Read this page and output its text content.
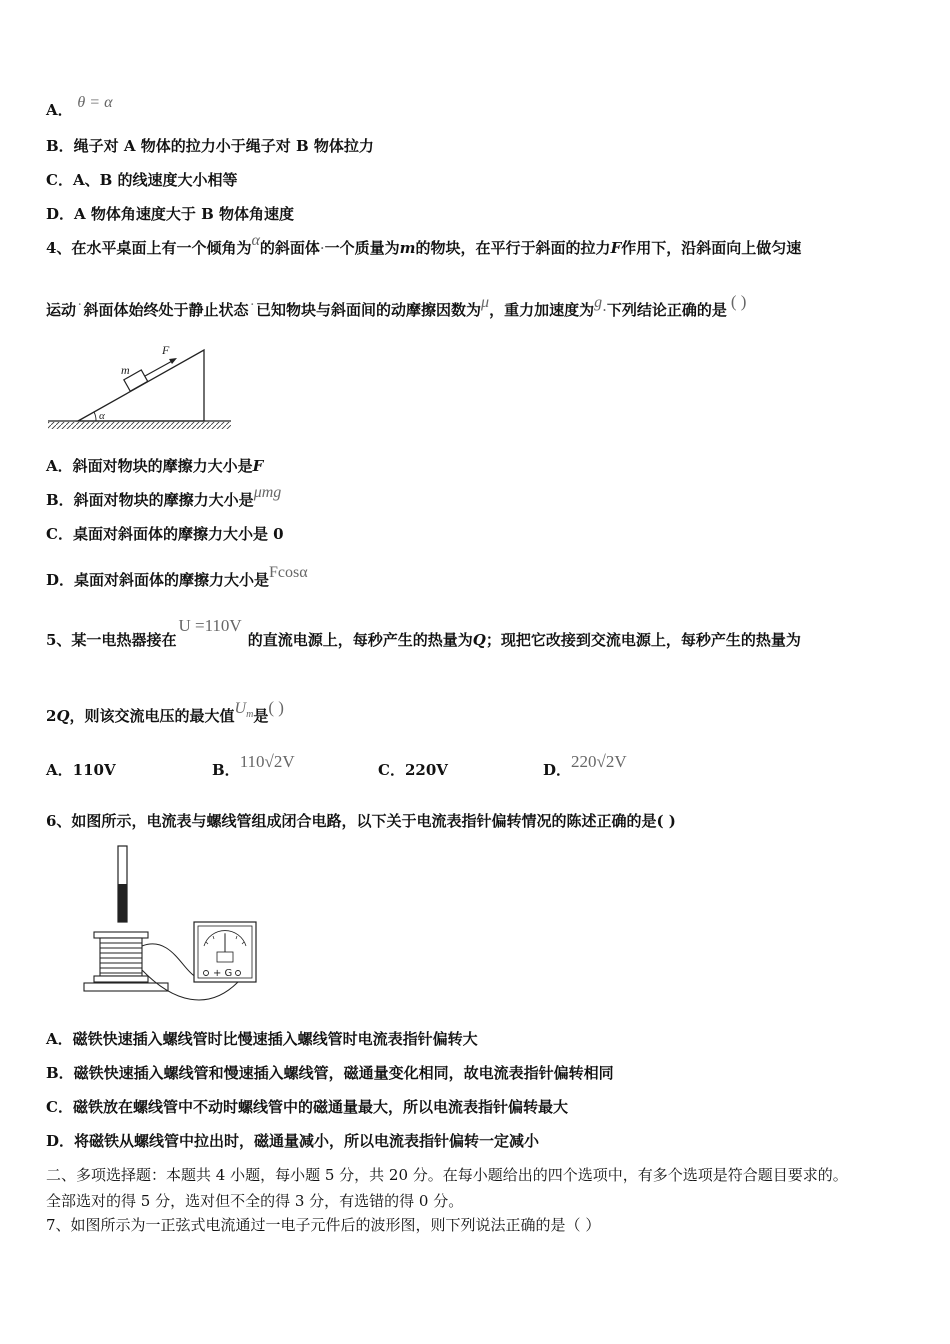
A． θ = α
B．绳子对 A 物体的拉力小于绳子对 B 物体拉力
C．A、B 的线速度大小相等
D．A 物体角速度大于 B 物体角速度
4、在水平桌面上有一个倾角为α的斜面体·一个质量为m的物块，在平行于斜面的拉力F作用下，沿斜面向上做匀速
运动˙斜面体始终处于静止状态˙已知物块与斜面间的动摩擦因数为μ，重力加速度为g·下列结论正确的是 ( )
m
F
α
A．斜面对物块的摩擦力大小是F
B．斜面对物块的摩擦力大小是μmg
C．桌面对斜面体的摩擦力大小是 0
D．桌面对斜面体的摩擦力大小是Fcosα
5、某一电热器接在U =110V的直流电源上，每秒产生的热量为Q；现把它改接到交流电源上，每秒产生的热量为
2Q，则该交流电压的最大值$U_m$是( )
A．110V	B．110√2V	C．220V	D．220√2V
6、如图所示，电流表与螺线管组成闭合电路，以下关于电流表指针偏转情况的陈述正确的是( )
+ G
A．磁铁快速插入螺线管时比慢速插入螺线管时电流表指针偏转大
B．磁铁快速插入螺线管和慢速插入螺线管，磁通量变化相同，故电流表指针偏转相同
C．磁铁放在螺线管中不动时螺线管中的磁通量最大，所以电流表指针偏转最大
D．将磁铁从螺线管中拉出时，磁通量减小，所以电流表指针偏转一定减小
二、多项选择题：本题共 4 小题，每小题 5 分，共 20 分。在每小题给出的四个选项中，有多个选项是符合题目要求的。
全部选对的得 5 分，选对但不全的得 3 分，有选错的得 0 分。
7、如图所示为一正弦式电流通过一电子元件后的波形图，则下列说法正确的是（ ）
